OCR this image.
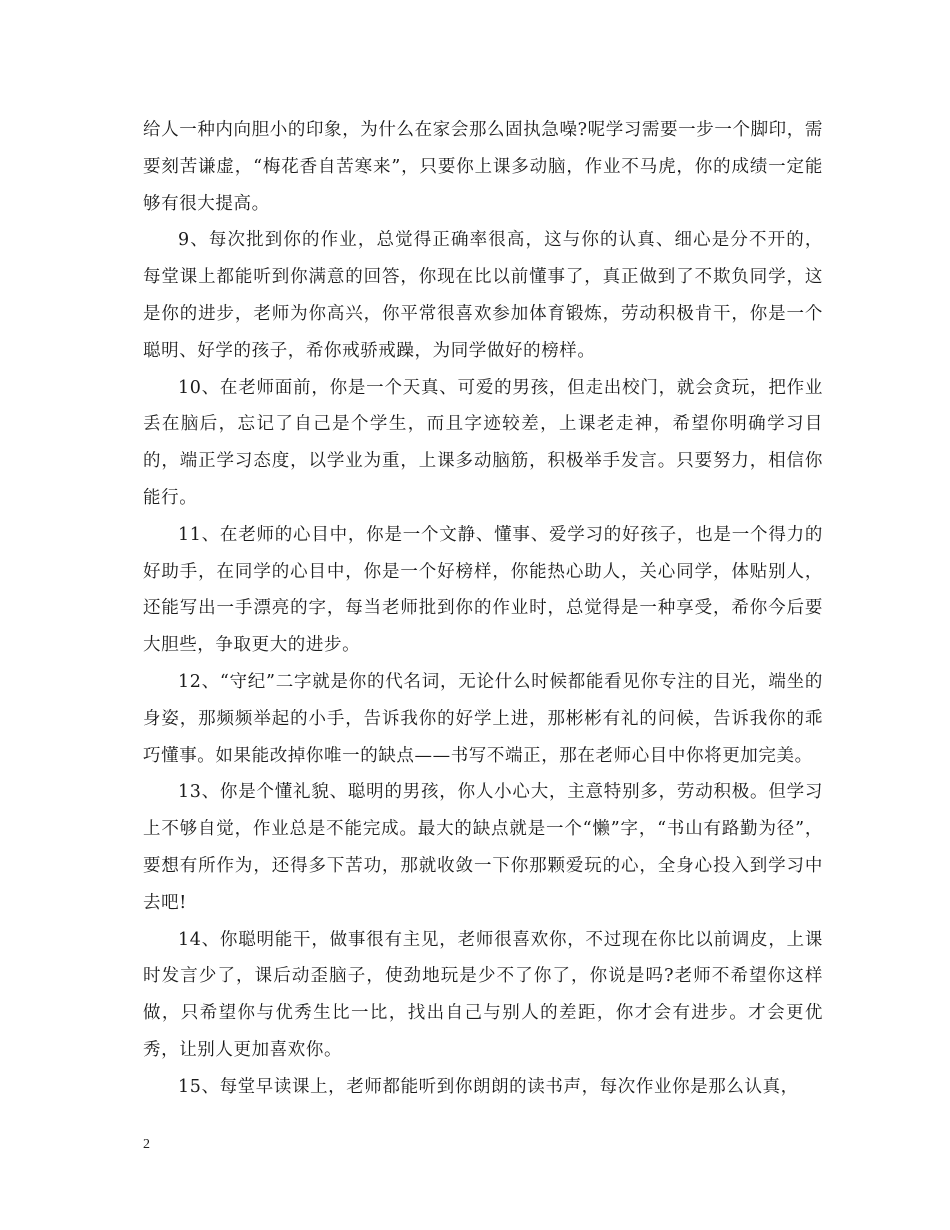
给人一种内向胆小的印象，为什么在家会那么固执急噪?呢学习需要一步一个脚印，需要刻苦谦虚，“梅花香自苦寒来”，只要你上课多动脑，作业不马虎，你的成绩一定能够有很大提高。

9、每次批到你的作业，总觉得正确率很高，这与你的认真、细心是分不开的，每堂课上都能听到你满意的回答，你现在比以前懂事了，真正做到了不欺负同学，这是你的进步，老师为你高兴，你平常很喜欢参加体育锻炼，劳动积极肯干，你是一个聪明、好学的孩子，希你戒骄戒躁，为同学做好的榜样。

10、在老师面前，你是一个天真、可爱的男孩，但走出校门，就会贪玩，把作业丢在脑后，忘记了自己是个学生，而且字迹较差，上课老走神，希望你明确学习目的，端正学习态度，以学业为重，上课多动脑筋，积极举手发言。只要努力，相信你能行。

11、在老师的心目中，你是一个文静、懂事、爱学习的好孩子，也是一个得力的好助手，在同学的心目中，你是一个好榜样，你能热心助人，关心同学，体贴别人，还能写出一手漂亮的字，每当老师批到你的作业时，总觉得是一种享受，希你今后要大胆些，争取更大的进步。

12、“守纪”二字就是你的代名词，无论什么时候都能看见你专注的目光，端坐的身姿，那频频举起的小手，告诉我你的好学上进，那彬彬有礼的问候，告诉我你的乖巧懂事。如果能改掉你唯一的缺点——书写不端正，那在老师心目中你将更加完美。

13、你是个懂礼貌、聪明的男孩，你人小心大，主意特别多，劳动积极。但学习上不够自觉，作业总是不能完成。最大的缺点就是一个“懒”字，“书山有路勤为径”，要想有所作为，还得多下苦功，那就收敛一下你那颗爱玩的心，全身心投入到学习中去吧!

14、你聪明能干，做事很有主见，老师很喜欢你，不过现在你比以前调皮，上课时发言少了，课后动歪脑子，使劲地玩是少不了你了，你说是吗?老师不希望你这样做，只希望你与优秀生比一比，找出自己与别人的差距，你才会有进步。才会更优秀，让别人更加喜欢你。

15、每堂早读课上，老师都能听到你朗朗的读书声，每次作业你是那么认真，

2
